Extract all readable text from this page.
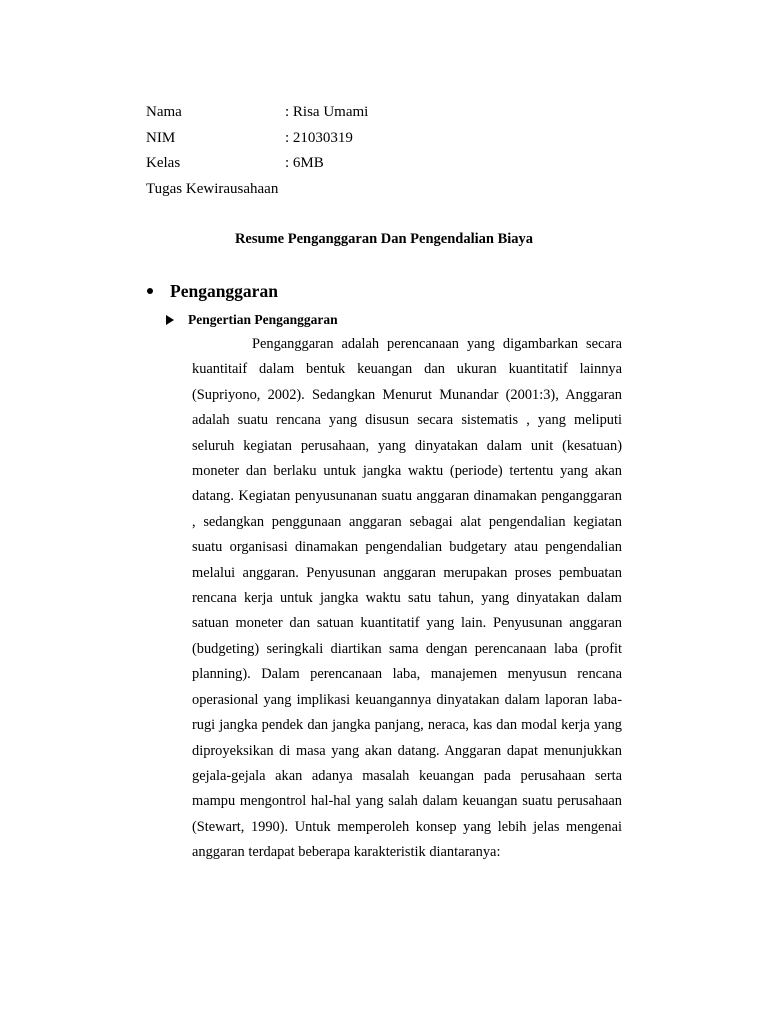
Nama	: Risa Umami
NIM	: 21030319
Kelas	: 6MB
Tugas Kewirausahaan
Resume Penganggaran Dan Pengendalian Biaya
Penganggaran
Pengertian Penganggaran

Penganggaran adalah perencanaan yang digambarkan secara kuantitaif dalam bentuk keuangan dan ukuran kuantitatif lainnya (Supriyono, 2002). Sedangkan Menurut Munandar (2001:3), Anggaran adalah suatu rencana yang disusun secara sistematis , yang meliputi seluruh kegiatan perusahaan, yang dinyatakan dalam unit (kesatuan) moneter dan berlaku untuk jangka waktu (periode) tertentu yang akan datang. Kegiatan penyusunanan suatu anggaran dinamakan penganggaran , sedangkan penggunaan anggaran sebagai alat pengendalian kegiatan suatu organisasi dinamakan pengendalian budgetary atau pengendalian melalui anggaran. Penyusunan anggaran merupakan proses pembuatan rencana kerja untuk jangka waktu satu tahun, yang dinyatakan dalam satuan moneter dan satuan kuantitatif yang lain. Penyusunan anggaran (budgeting) seringkali diartikan sama dengan perencanaan laba (profit planning). Dalam perencanaan laba, manajemen menyusun rencana operasional yang implikasi keuangannya dinyatakan dalam laporan laba-rugi jangka pendek dan jangka panjang, neraca, kas dan modal kerja yang diproyeksikan di masa yang akan datang. Anggaran dapat menunjukkan gejala-gejala akan adanya masalah keuangan pada perusahaan serta mampu mengontrol hal-hal yang salah dalam keuangan suatu perusahaan (Stewart, 1990). Untuk memperoleh konsep yang lebih jelas mengenai anggaran terdapat beberapa karakteristik diantaranya:
